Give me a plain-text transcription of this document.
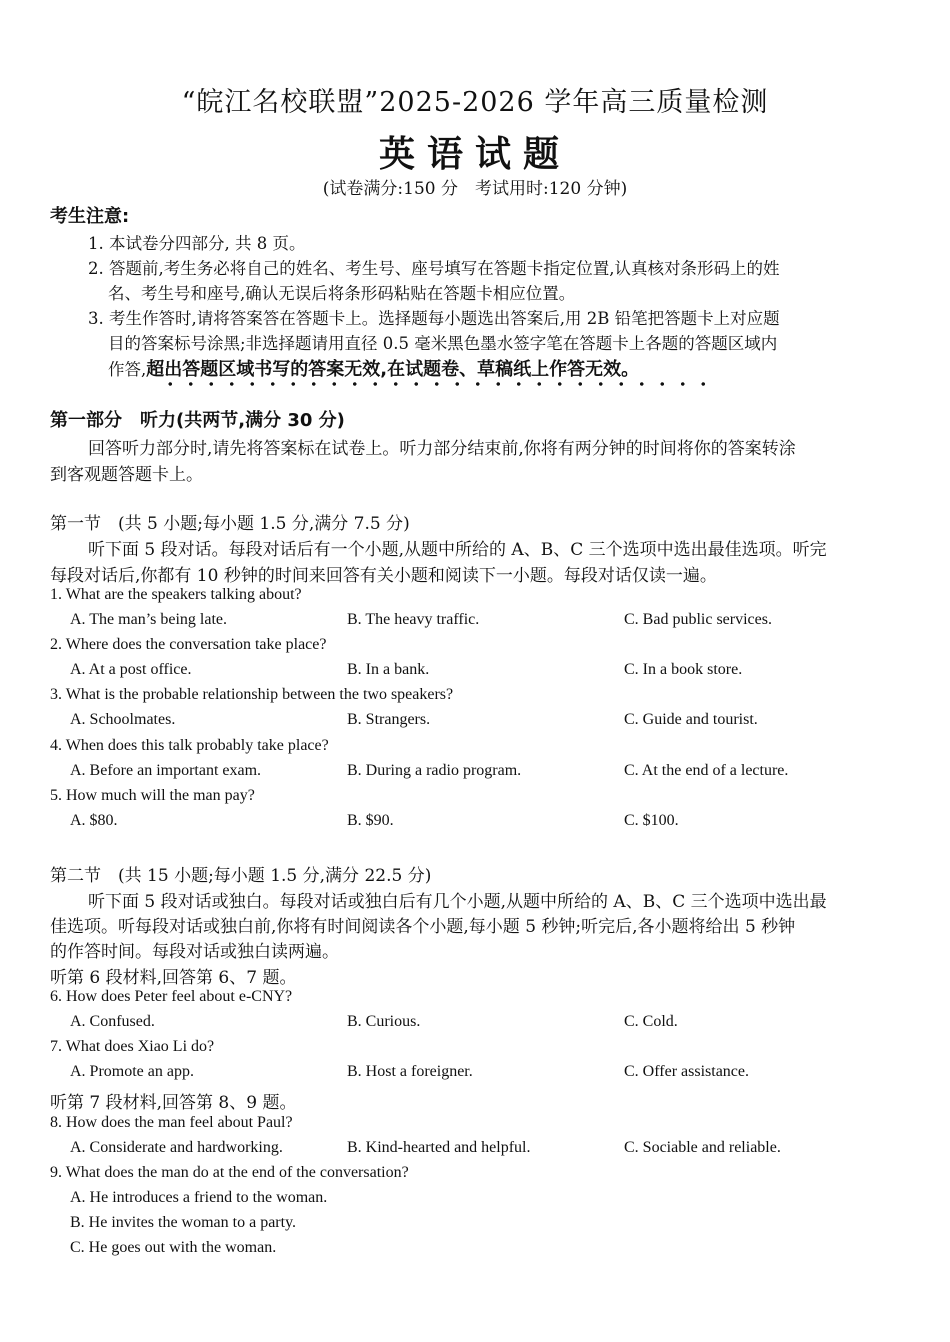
“皖江名校联盟”2025-2026 学年高三质量检测
英语试题
(试卷满分:150 分　考试用时:120 分钟)
考生注意:
1. 本试卷分四部分, 共 8 页。
2. 答题前,考生务必将自己的姓名、考生号、座号填写在答题卡指定位置,认真核对条形码上的姓
名、考生号和座号,确认无误后将条形码粘贴在答题卡相应位置。
3. 考生作答时,请将答案答在答题卡上。选择题每小题选出答案后,用 2B 铅笔把答题卡上对应题
目的答案标号涂黑;非选择题请用直径 0.5 毫米黑色墨水签字笔在答题卡上各题的答题区域内
作答,超出答题区域书写的答案无效,在试题卷、草稿纸上作答无效。
第一部分　听力(共两节,满分 30 分)
回答听力部分时,请先将答案标在试卷上。听力部分结束前,你将有两分钟的时间将你的答案转涂
到客观题答题卡上。
第一节　(共 5 小题;每小题 1.5 分,满分 7.5 分)
听下面 5 段对话。每段对话后有一个小题,从题中所给的 A、B、C 三个选项中选出最佳选项。听完
每段对话后,你都有 10 秒钟的时间来回答有关小题和阅读下一小题。每段对话仅读一遍。
1. What are the speakers talking about?
A. The man’s being late.	B. The heavy traffic.	C. Bad public services.
2. Where does the conversation take place?
A. At a post office.	B. In a bank.	C. In a book store.
3. What is the probable relationship between the two speakers?
A. Schoolmates.	B. Strangers.	C. Guide and tourist.
4. When does this talk probably take place?
A. Before an important exam.	B. During a radio program.	C. At the end of a lecture.
5. How much will the man pay?
A. $80.	B. $90.	C. $100.
第二节　(共 15 小题;每小题 1.5 分,满分 22.5 分)
听下面 5 段对话或独白。每段对话或独白后有几个小题,从题中所给的 A、B、C 三个选项中选出最
佳选项。听每段对话或独白前,你将有时间阅读各个小题,每小题 5 秒钟;听完后,各小题将给出 5 秒钟
的作答时间。每段对话或独白读两遍。
听第 6 段材料,回答第 6、7 题。
6. How does Peter feel about e-CNY?
A. Confused.	B. Curious.	C. Cold.
7. What does Xiao Li do?
A. Promote an app.	B. Host a foreigner.	C. Offer assistance.
听第 7 段材料,回答第 8、9 题。
8. How does the man feel about Paul?
A. Considerate and hardworking.	B. Kind-hearted and helpful.	C. Sociable and reliable.
9. What does the man do at the end of the conversation?
A. He introduces a friend to the woman.
B. He invites the woman to a party.
C. He goes out with the woman.
